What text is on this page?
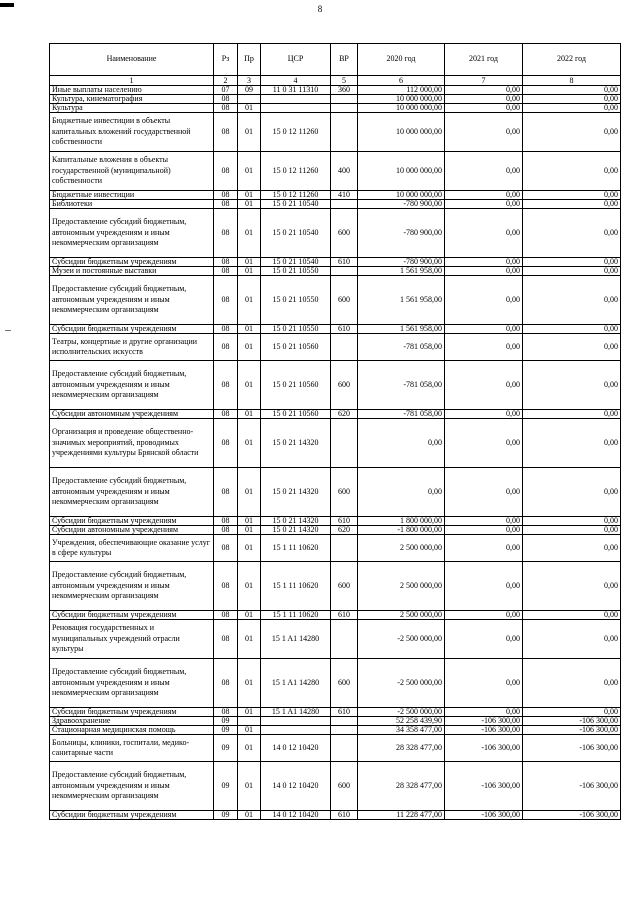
8
Наименование	Рз	Пр	ЦСР	ВР	2020 год	2021 год	2022 год
1	2	3	4	5	6	7	8
Иные выплаты населению	07	09	11 0 31 11310	360	112 000,00	0,00	0,00
Культура, кинематография	08				10 000 000,00	0,00	0,00
Культура	08	01			10 000 000,00	0,00	0,00
Бюджетные инвестиции в объекты капитальных вложений государственной собственности	08	01	15 0 12 11260		10 000 000,00	0,00	0,00
Капитальные вложения в объекты государственной (муниципальной) собственности	08	01	15 0 12 11260	400	10 000 000,00	0,00	0,00
Бюджетные инвестиции	08	01	15 0 12 11260	410	10 000 000,00	0,00	0,00
Библиотеки	08	01	15 0 21 10540		-780 900,00	0,00	0,00
Предоставление субсидий бюджетным, автономным учреждениям и иным некоммерческим организациям	08	01	15 0 21 10540	600	-780 900,00	0,00	0,00
Субсидии бюджетным учреждениям	08	01	15 0 21 10540	610	-780 900,00	0,00	0,00
Музеи и постоянные выставки	08	01	15 0 21 10550		1 561 958,00	0,00	0,00
Предоставление субсидий бюджетным, автономным учреждениям и иным некоммерческим организациям	08	01	15 0 21 10550	600	1 561 958,00	0,00	0,00
Субсидии бюджетным учреждениям	08	01	15 0 21 10550	610	1 561 958,00	0,00	0,00
Театры, концертные и другие организации исполнительских искусств	08	01	15 0 21 10560		-781 058,00	0,00	0,00
Предоставление субсидий бюджетным, автономным учреждениям и иным некоммерческим организациям	08	01	15 0 21 10560	600	-781 058,00	0,00	0,00
Субсидии автономным учреждениям	08	01	15 0 21 10560	620	-781 058,00	0,00	0,00
Организация и проведение общественно-значимых мероприятий, проводимых учреждениями культуры Брянской области	08	01	15 0 21 14320		0,00	0,00	0,00
Предоставление субсидий бюджетным, автономным учреждениям и иным некоммерческим организациям	08	01	15 0 21 14320	600	0,00	0,00	0,00
Субсидии бюджетным учреждениям	08	01	15 0 21 14320	610	1 800 000,00	0,00	0,00
Субсидии автономным учреждениям	08	01	15 0 21 14320	620	-1 800 000,00	0,00	0,00
Учреждения, обеспечивающие оказание услуг в сфере культуры	08	01	15 1 11 10620		2 500 000,00	0,00	0,00
Предоставление субсидий бюджетным, автономным учреждениям и иным некоммерческим организациям	08	01	15 1 11 10620	600	2 500 000,00	0,00	0,00
Субсидии бюджетным учреждениям	08	01	15 1 11 10620	610	2 500 000,00	0,00	0,00
Реновация государственных и муниципальных учреждений отрасли культуры	08	01	15 1 A1 14280		-2 500 000,00	0,00	0,00
Предоставление субсидий бюджетным, автономным учреждениям и иным некоммерческим организациям	08	01	15 1 A1 14280	600	-2 500 000,00	0,00	0,00
Субсидии бюджетным учреждениям	08	01	15 1 A1 14280	610	-2 500 000,00	0,00	0,00
Здравоохранение	09				52 258 439,90	-106 300,00	-106 300,00
Стационарная медицинская помощь	09	01			34 358 477,00	-106 300,00	-106 300,00
Больницы, клиники, госпитали, медико-санитарные части	09	01	14 0 12 10420		28 328 477,00	-106 300,00	-106 300,00
Предоставление субсидий бюджетным, автономным учреждениям и иным некоммерческим организациям	09	01	14 0 12 10420	600	28 328 477,00	-106 300,00	-106 300,00
Субсидии бюджетным учреждениям	09	01	14 0 12 10420	610	11 228 477,00	-106 300,00	-106 300,00
